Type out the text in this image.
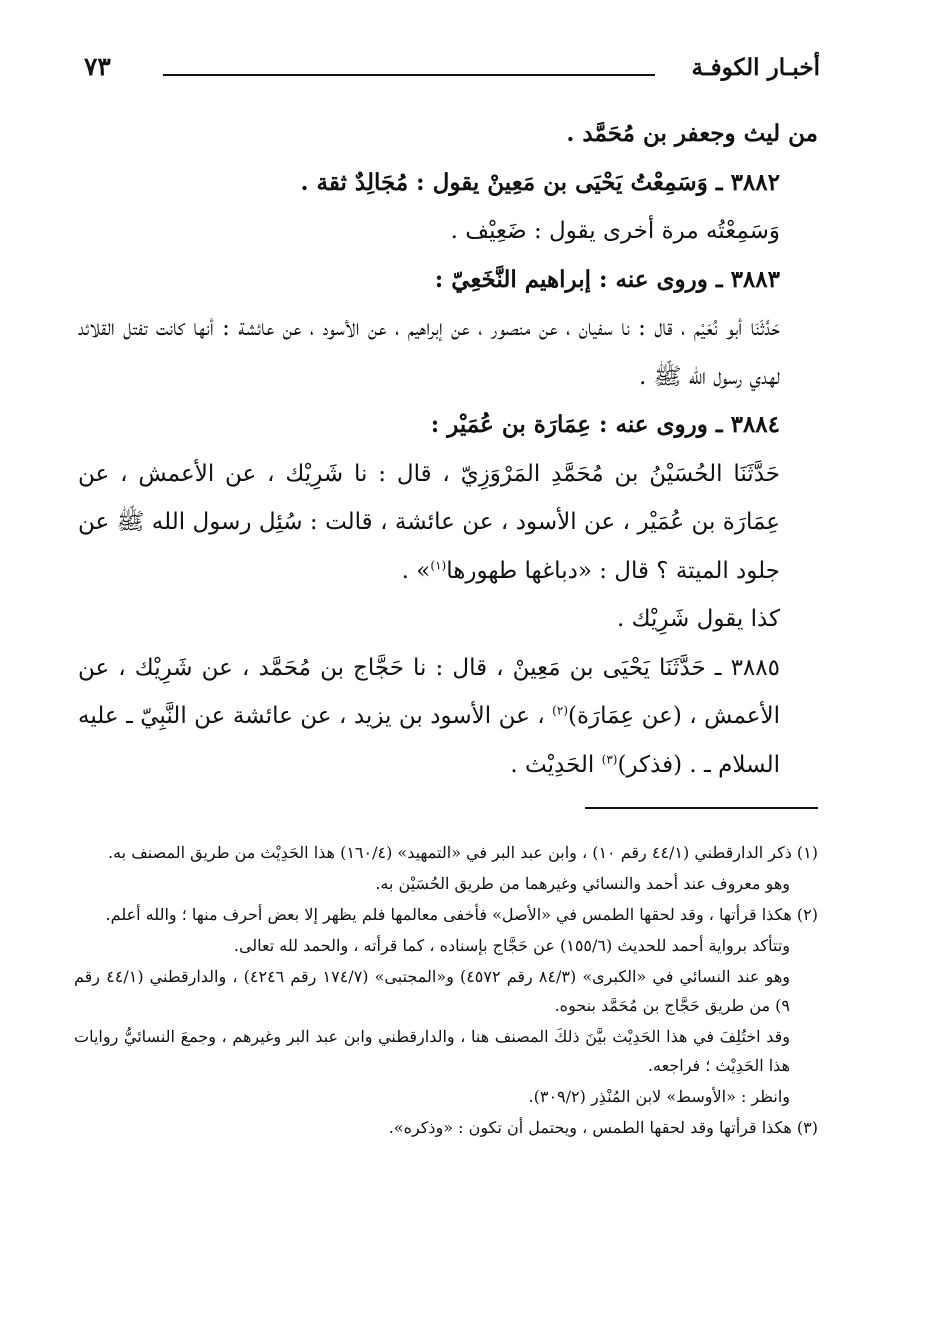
٧٣	أخبـار الكوفـة

من ليث وجعفر بن مُحَمَّد .

٣٨٨٢ ـ وَسَمِعْتُ يَحْيَى بن مَعِينْ يقول : مُجَالِدٌ ثقة .

وَسَمِعْتُه مرة أخرى يقول : ضَعِيْف .

٣٨٨٣ ـ وروى عنه : إبراهيم النَّخَعِيّ :

حَدَّثَنَا أبو نُعَيْم ، قال : نا سفيان ، عن منصور ، عن إبراهيم ، عن الأسود ، عن عائشة : أنها كانت تفتل القلائد لهدي رسول الله ﷺ .

٣٨٨٤ ـ وروى عنه : عِمَارَة بن عُمَيْر :

حَدَّثَنَا الحُسَيْنُ بن مُحَمَّدِ المَرْوَزِيّ ، قال : نا شَرِيْك ، عن الأعمش ، عن عِمَارَة بن عُمَيْر ، عن الأسود ، عن عائشة ، قالت : سُئِل رسول الله ﷺ عن جلود الميتة ؟ قال : «دباغها طهورها$^{(١)}$» .

كذا يقول شَرِيْك .

٣٨٨٥ ـ حَدَّثَنَا يَحْيَى بن مَعِينْ ، قال : نا حَجَّاج بن مُحَمَّد ، عن شَرِيْك ، عن الأعمش ، (عن عِمَارَة)$^{(٢)}$ ، عن الأسود بن يزيد ، عن عائشة عن النَّبِيّ ـ عليه السلام ـ . (فذكر)$^{(٣)}$ الحَدِيْث .

(١) ذكر الدارقطني (٤٤/١ رقم ١٠) ، وابن عبد البر في «التمهيد» (١٦٠/٤) هذا الحَدِيْث من طريق المصنف به.

وهو معروف عند أحمد والنسائي وغيرهما من طريق الحُسَيْن به.

(٢) هكذا قرأتها ، وقد لحقها الطمس في «الأصل» فأخفى معالمها فلم يظهر إلا بعض أحرف منها ؛ والله أعلم.

وتتأكد برواية أحمد للحديث (١٥٥/٦) عن حَجَّاج بإسناده ، كما قرأته ، والحمد لله تعالى.

وهو عند النسائي في «الكبرى» (٨٤/٣ رقم ٤٥٧٢) و«المجتبى» (١٧٤/٧ رقم ٤٢٤٦) ، والدارقطني (٤٤/١ رقم ٩) من طريق حَجَّاج بن مُحَمَّد بنحوه.

وقد اختُلِفَ في هذا الحَدِيْث بيَّنَ ذلكَ المصنف هنا ، والدارقطني وابن عبد البر وغيرهم ، وجمعَ النسائيُّ روايات هذا الحَدِيْث ؛ فراجعه.

وانظر : «الأوسط» لابن المُنْذِر (٣٠٩/٢).

(٣) هكذا قرأتها وقد لحقها الطمس ، ويحتمل أن تكون : «وذكره».
